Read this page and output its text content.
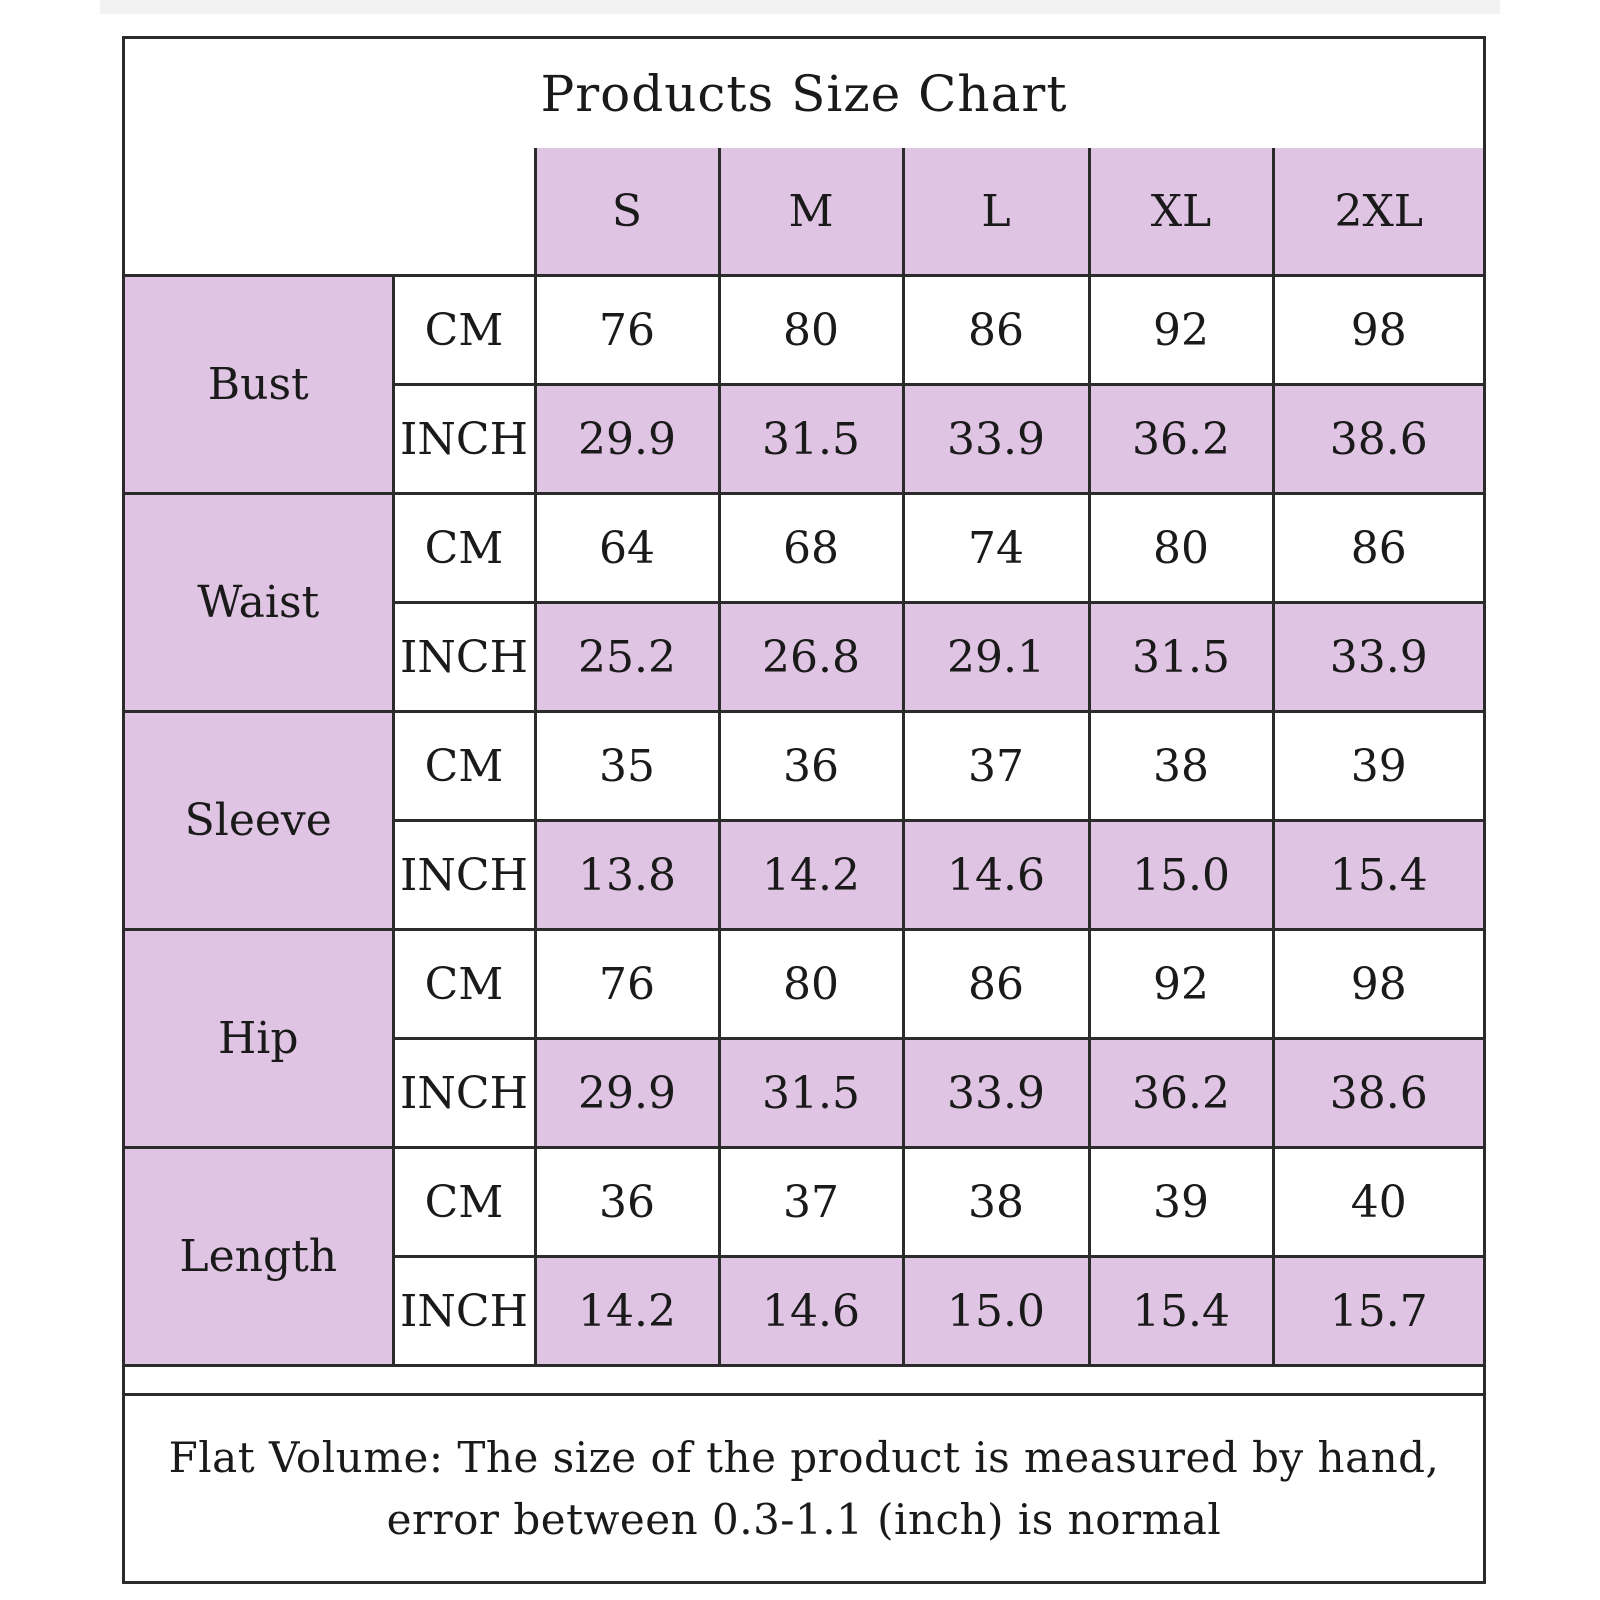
Products Size Chart
		S	M	L	XL	2XL
Bust	CM	76	80	86	92	98
	INCH	29.9	31.5	33.9	36.2	38.6
Waist	CM	64	68	74	80	86
	INCH	25.2	26.8	29.1	31.5	33.9
Sleeve	CM	35	36	37	38	39
	INCH	13.8	14.2	14.6	15.0	15.4
Hip	CM	76	80	86	92	98
	INCH	29.9	31.5	33.9	36.2	38.6
Length	CM	36	37	38	39	40
	INCH	14.2	14.6	15.0	15.4	15.7
Flat Volume: The size of the product is measured by hand,
error between 0.3-1.1 (inch) is normal
